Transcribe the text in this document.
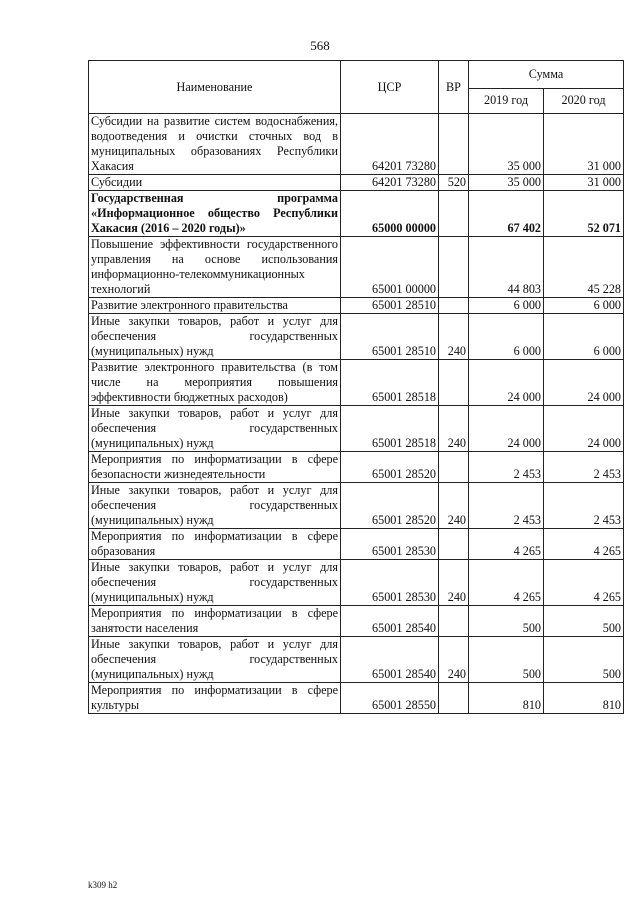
568
Наименование	ЦСР	ВР	Сумма	
			2019 год	2020 год
Субсидии на развитие систем водоснабжения, водоотведения и очистки сточных вод в муниципальных образованиях Республики Хакасия	64201 73280		35 000	31 000
Субсидии	64201 73280	520	35 000	31 000
Государственная программа «Информационное общество Республики Хакасия (2016 – 2020 годы)»	65000 00000		67 402	52 071
Повышение эффективности государственного управления на основе использования информационно-телекоммуникационных технологий	65001 00000		44 803	45 228
Развитие электронного правительства	65001 28510		6 000	6 000
Иные закупки товаров, работ и услуг для обеспечения государственных (муниципальных) нужд	65001 28510	240	6 000	6 000
Развитие электронного правительства (в том числе на мероприятия повышения эффективности бюджетных расходов)	65001 28518		24 000	24 000
Иные закупки товаров, работ и услуг для обеспечения государственных (муниципальных) нужд	65001 28518	240	24 000	24 000
Мероприятия по информатизации в сфере безопасности жизнедеятельности	65001 28520		2 453	2 453
Иные закупки товаров, работ и услуг для обеспечения государственных (муниципальных) нужд	65001 28520	240	2 453	2 453
Мероприятия по информатизации в сфере образования	65001 28530		4 265	4 265
Иные закупки товаров, работ и услуг для обеспечения государственных (муниципальных) нужд	65001 28530	240	4 265	4 265
Мероприятия по информатизации в сфере занятости населения	65001 28540		500	500
Иные закупки товаров, работ и услуг для обеспечения государственных (муниципальных) нужд	65001 28540	240	500	500
Мероприятия по информатизации в сфере культуры	65001 28550		810	810
k309 h2
